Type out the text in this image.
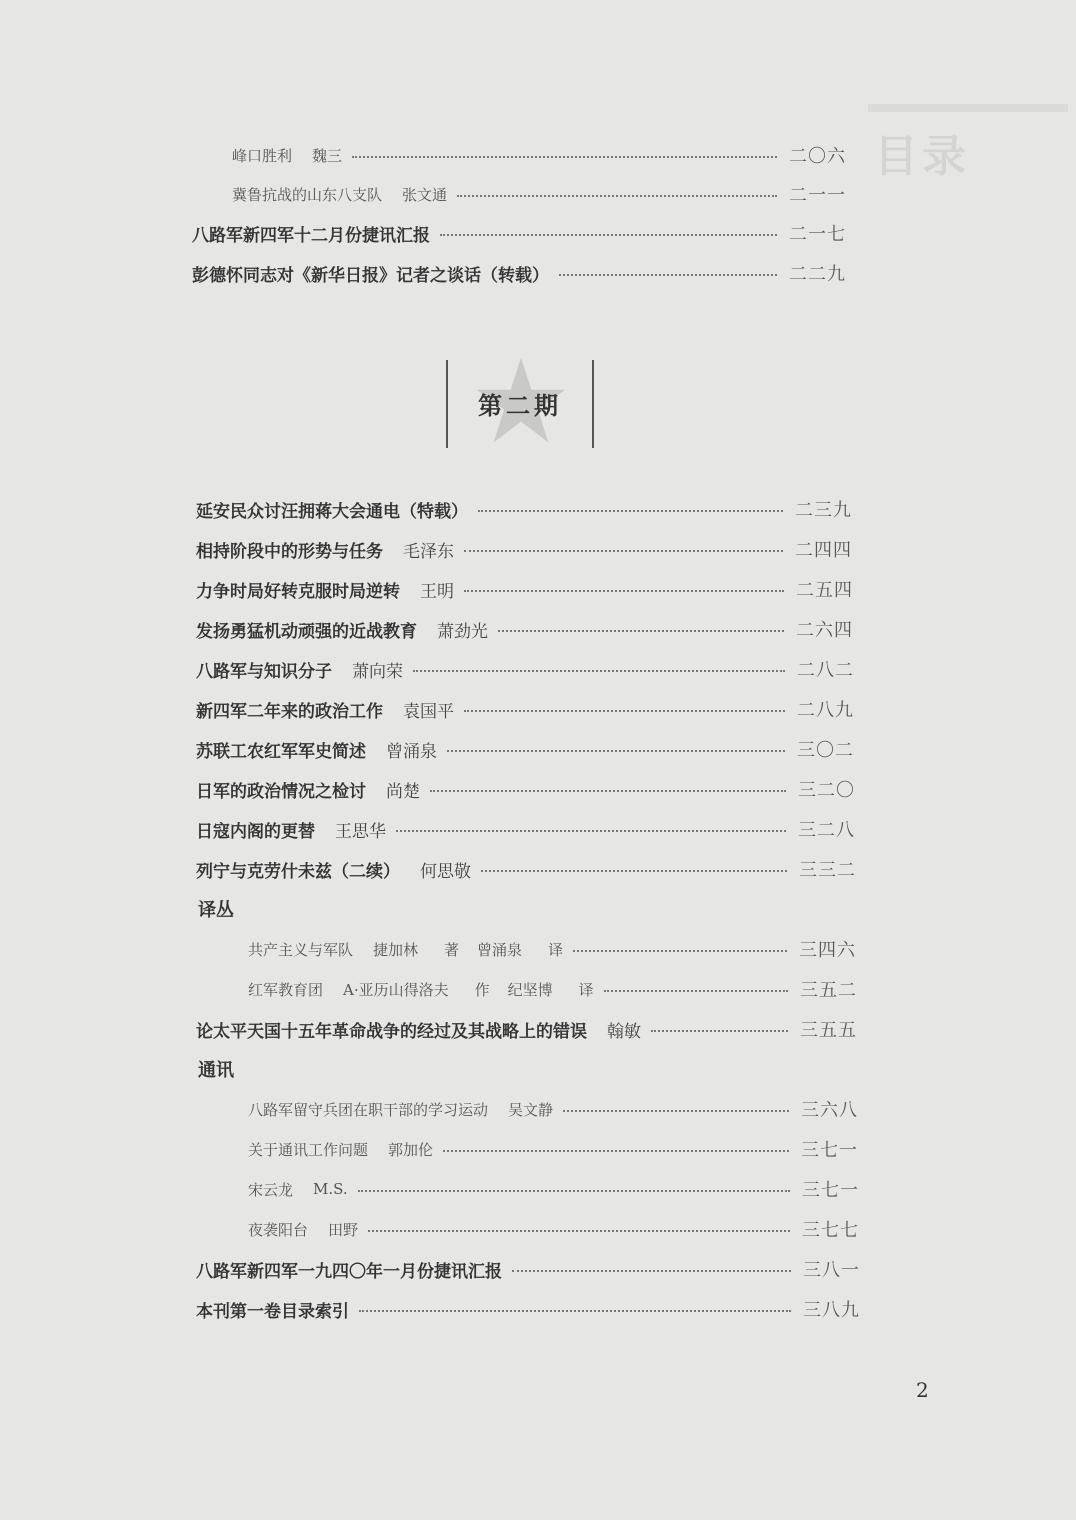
目录
峰口胜利 魏三	二〇六
冀鲁抗战的山东八支队 张文通	二一一
八路军新四军十二月份捷讯汇报	二一七
彭德怀同志对《新华日报》记者之谈话（转载）	二二九
延安民众讨汪拥蒋大会通电（特载）	二三九
相持阶段中的形势与任务 毛泽东	二四四
力争时局好转克服时局逆转 王明	二五四
发扬勇猛机动顽强的近战教育 萧劲光	二六四
八路军与知识分子 萧向荣	二八二
新四军二年来的政治工作 袁国平	二八九
苏联工农红军军史简述 曾涌泉	三〇二
日军的政治情况之检讨 尚楚	三二〇
日寇内阁的更替 王思华	三二八
列宁与克劳什未兹（二续） 何思敬	三三二
译丛
共产主义与军队 捷加林 著 曾涌泉 译	三四六
红军教育团 A·亚历山得洛夫 作 纪坚博 译	三五二
论太平天国十五年革命战争的经过及其战略上的错误 翰敏	三五五
通讯
八路军留守兵团在职干部的学习运动 吴文静	三六八
关于通讯工作问题 郭加伦	三七一
宋云龙 M.S.	三七一
夜袭阳台 田野	三七七
八路军新四军一九四〇年一月份捷讯汇报	三八一
本刊第一卷目录索引	三八九
第二期
2
